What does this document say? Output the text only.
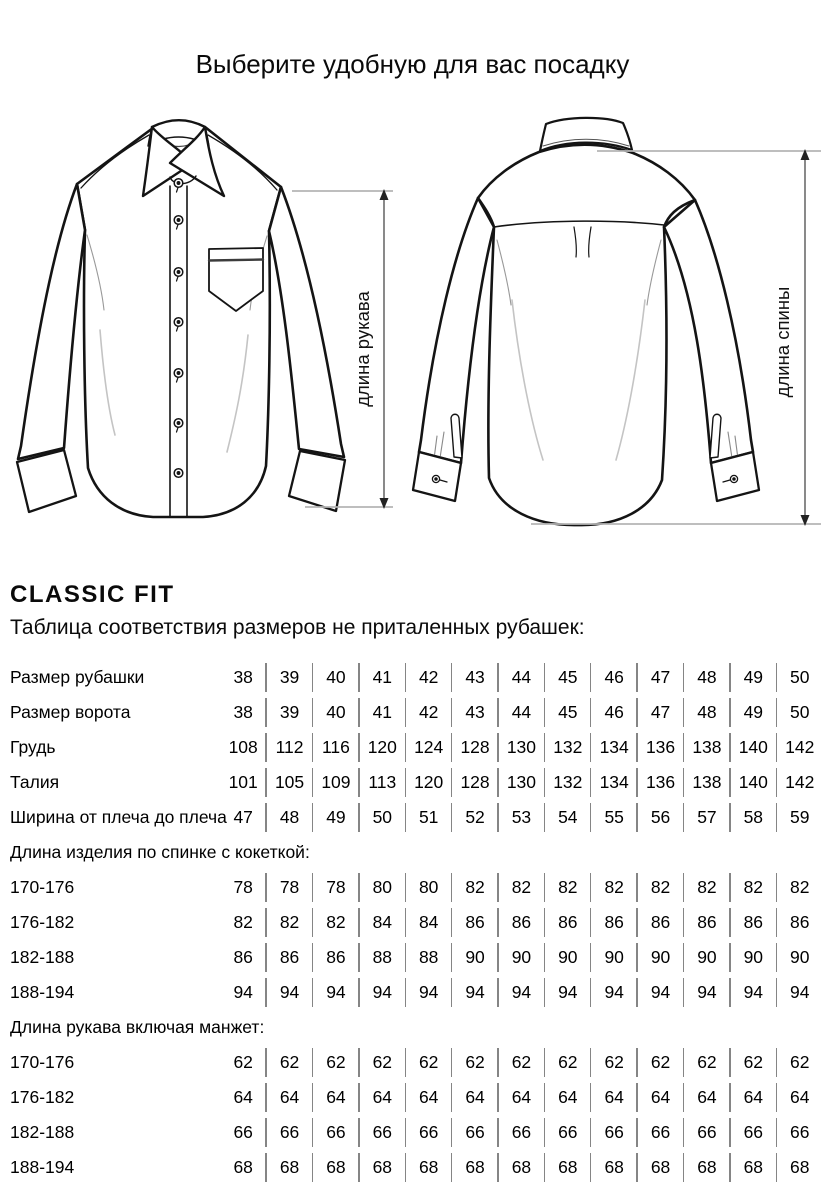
Выберите удобную для вас посадку
длина рукава	длина спины
CLASSIC FIT
Таблица соответствия размеров не приталенных рубашек:
Размер рубашки	38	39	40	41	42	43	44	45	46	47	48	49	50
Размер ворота	38	39	40	41	42	43	44	45	46	47	48	49	50
Грудь	108	112	116	120	124	128	130	132	134	136	138	140	142
Талия	101	105	109	113	120	128	130	132	134	136	138	140	142
Ширина от плеча до плеча	47	48	49	50	51	52	53	54	55	56	57	58	59
Длина изделия по спинке с кокеткой:													
170-176	78	78	78	80	80	82	82	82	82	82	82	82	82
176-182	82	82	82	84	84	86	86	86	86	86	86	86	86
182-188	86	86	86	88	88	90	90	90	90	90	90	90	90
188-194	94	94	94	94	94	94	94	94	94	94	94	94	94
Длина рукава включая манжет:													
170-176	62	62	62	62	62	62	62	62	62	62	62	62	62
176-182	64	64	64	64	64	64	64	64	64	64	64	64	64
182-188	66	66	66	66	66	66	66	66	66	66	66	66	66
188-194	68	68	68	68	68	68	68	68	68	68	68	68	68
